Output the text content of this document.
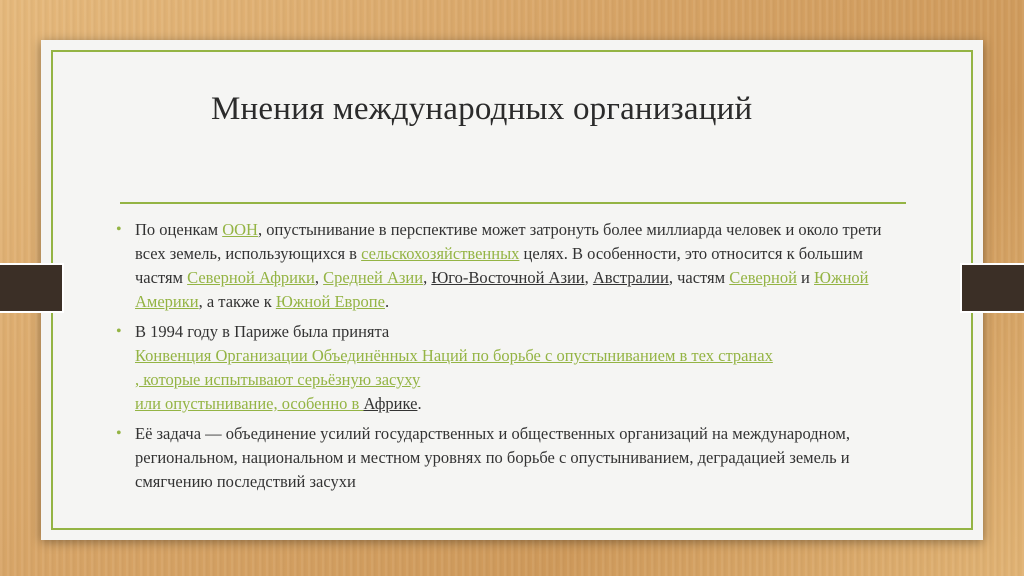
Мнения международных организаций
• По оценкам ООН, опустынивание в перспективе может затронуть более миллиарда человек и около трети всех земель, использующихся в сельскохозяйственных целях. В особенности, это относится к большим частям Северной Африки, Средней Азии, Юго-Восточной Азии, Австралии, частям Северной и Южной Америки, а также к Южной Европе.
• В 1994 году в Париже была принята
Конвенция Организации Объединённых Наций по борьбе с опустыниванием в тех странах
, которые испытывают серьёзную засуху
или опустынивание, особенно в Африке.
• Её задача — объединение усилий государственных и общественных организаций на международном, региональном, национальном и местном уровнях по борьбе с опустыниванием, деградацией земель и смягчению последствий засухи
